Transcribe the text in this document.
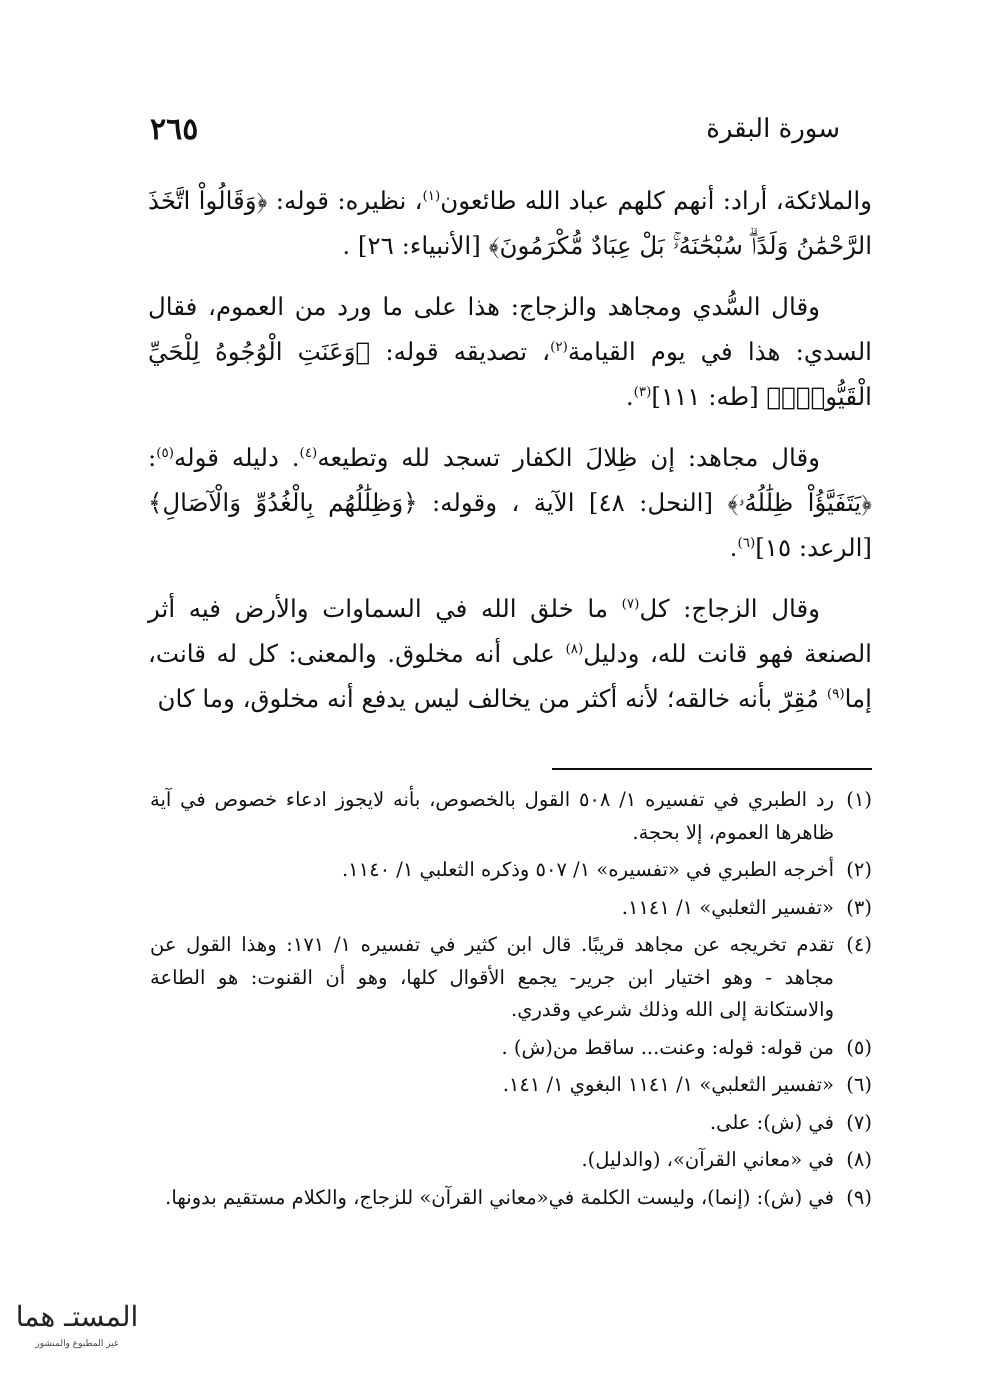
سورة البقرة
٢٦٥

والملائكة، أراد: أنهم كلهم عباد الله طائعون$^{(١)}$، نظيره: قوله: ﴿وَقَالُواْ اتَّخَذَ الرَّحْمَٰنُ وَلَدًاۗ سُبْحَٰنَهُۥۚ بَلْ عِبَادٌ مُّكْرَمُونَ﴾ [الأنبياء: ٢٦] .

وقال السُّدي ومجاهد والزجاج: هذا على ما ورد من العموم، فقال السدي: هذا في يوم القيامة$^{(٢)}$، تصديقه قوله: ﴿وَعَنَتِ الْوُجُوهُ لِلْحَيِّ الْقَيُّومِۖ﴾ [طه: ١١١]$^{(٣)}$.

وقال مجاهد: إن ظِلالَ الكفار تسجد لله وتطيعه$^{(٤)}$. دليله قوله$^{(٥)}$: ﴿يَتَفَيَّؤُاْ ظِلَٰلُهُۥ﴾ [النحل: ٤٨] الآية ، وقوله: ﴿وَظِلَٰلُهُم بِالْغُدُوِّ وَالْآصَالِ﴾ [الرعد: ١٥]$^{(٦)}$.

وقال الزجاج: كل$^{(٧)}$ ما خلق الله في السماوات والأرض فيه أثر الصنعة فهو قانت لله، ودليل$^{(٨)}$ على أنه مخلوق. والمعنى: كل له قانت، إما$^{(٩)}$ مُقِرّ بأنه خالقه؛ لأنه أكثر من يخالف ليس يدفع أنه مخلوق، وما كان

(١)
رد الطبري في تفسيره ١/ ٥٠٨ القول بالخصوص، بأنه لايجوز ادعاء خصوص في آية ظاهرها العموم، إلا بحجة.
(٢)
أخرجه الطبري في «تفسيره» ١/ ٥٠٧ وذكره الثعلبي ١/ ١١٤٠.
(٣)
«تفسير الثعلبي» ١/ ١١٤١.
(٤)
تقدم تخريجه عن مجاهد قريبًا. قال ابن كثير في تفسيره ١/ ١٧١: وهذا القول عن مجاهد - وهو اختيار ابن جرير- يجمع الأقوال كلها، وهو أن القنوت: هو الطاعة والاستكانة إلى الله وذلك شرعي وقدري.
(٥)
من قوله: قوله: وعنت... ساقط من(ش) .
(٦)
«تفسير الثعلبي» ١/ ١١٤١ البغوي ١/ ١٤١.
(٧)
في (ش): على.
(٨)
في «معاني القرآن»، (والدليل).
(٩)
في (ش): (إنما)، وليست الكلمة في«معاني القرآن» للزجاج، والكلام مستقيم بدونها.
المستـ هما
غير المطبوع والمنشور
